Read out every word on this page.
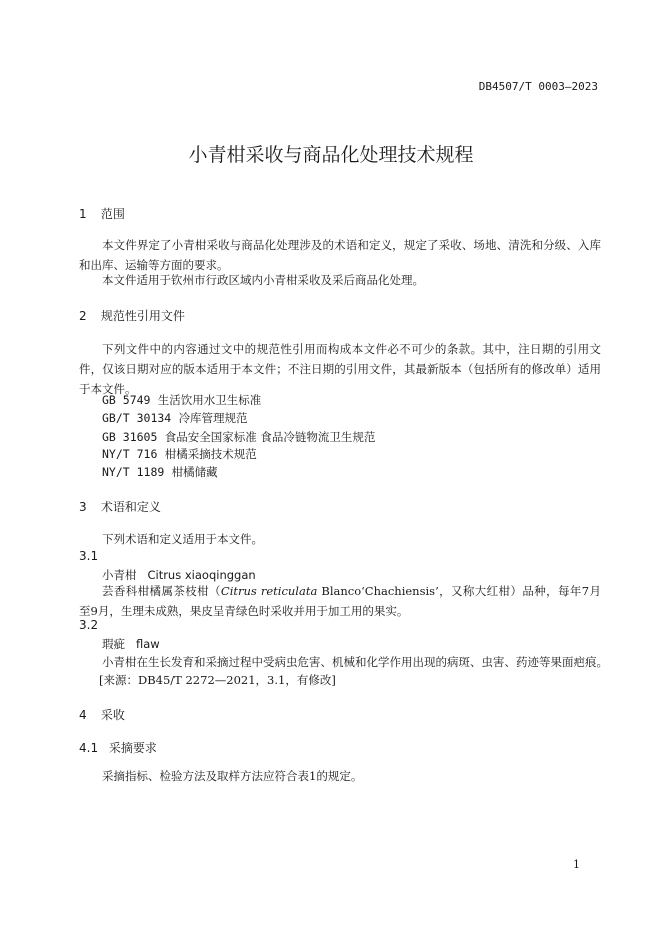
DB4507/T 0003—2023
小青柑采收与商品化处理技术规程
1 范围
本文件界定了小青柑采收与商品化处理涉及的术语和定义，规定了采收、场地、清洗和分级、入库和出库、运输等方面的要求。
本文件适用于钦州市行政区域内小青柑采收及采后商品化处理。
2 规范性引用文件
下列文件中的内容通过文中的规范性引用而构成本文件必不可少的条款。其中，注日期的引用文件，仅该日期对应的版本适用于本文件；不注日期的引用文件，其最新版本（包括所有的修改单）适用于本文件。
GB 5749 生活饮用水卫生标准
GB/T 30134 冷库管理规范
GB 31605 食品安全国家标准 食品冷链物流卫生规范
NY/T 716 柑橘采摘技术规范
NY/T 1189 柑橘储藏
3 术语和定义
下列术语和定义适用于本文件。
3.1
小青柑 Citrus xiaoqinggan
芸香科柑橘属茶枝柑（Citrus reticulata Blanco‘Chachiensis’，又称大红柑）品种，每年7月至9月，生理未成熟，果皮呈青绿色时采收并用于加工用的果实。
3.2
瑕疵 flaw
小青柑在生长发育和采摘过程中受病虫危害、机械和化学作用出现的病斑、虫害、药迹等果面疤痕。
[来源：DB45/T 2272—2021，3.1，有修改]
4 采收
4.1 采摘要求
采摘指标、检验方法及取样方法应符合表1的规定。
1
